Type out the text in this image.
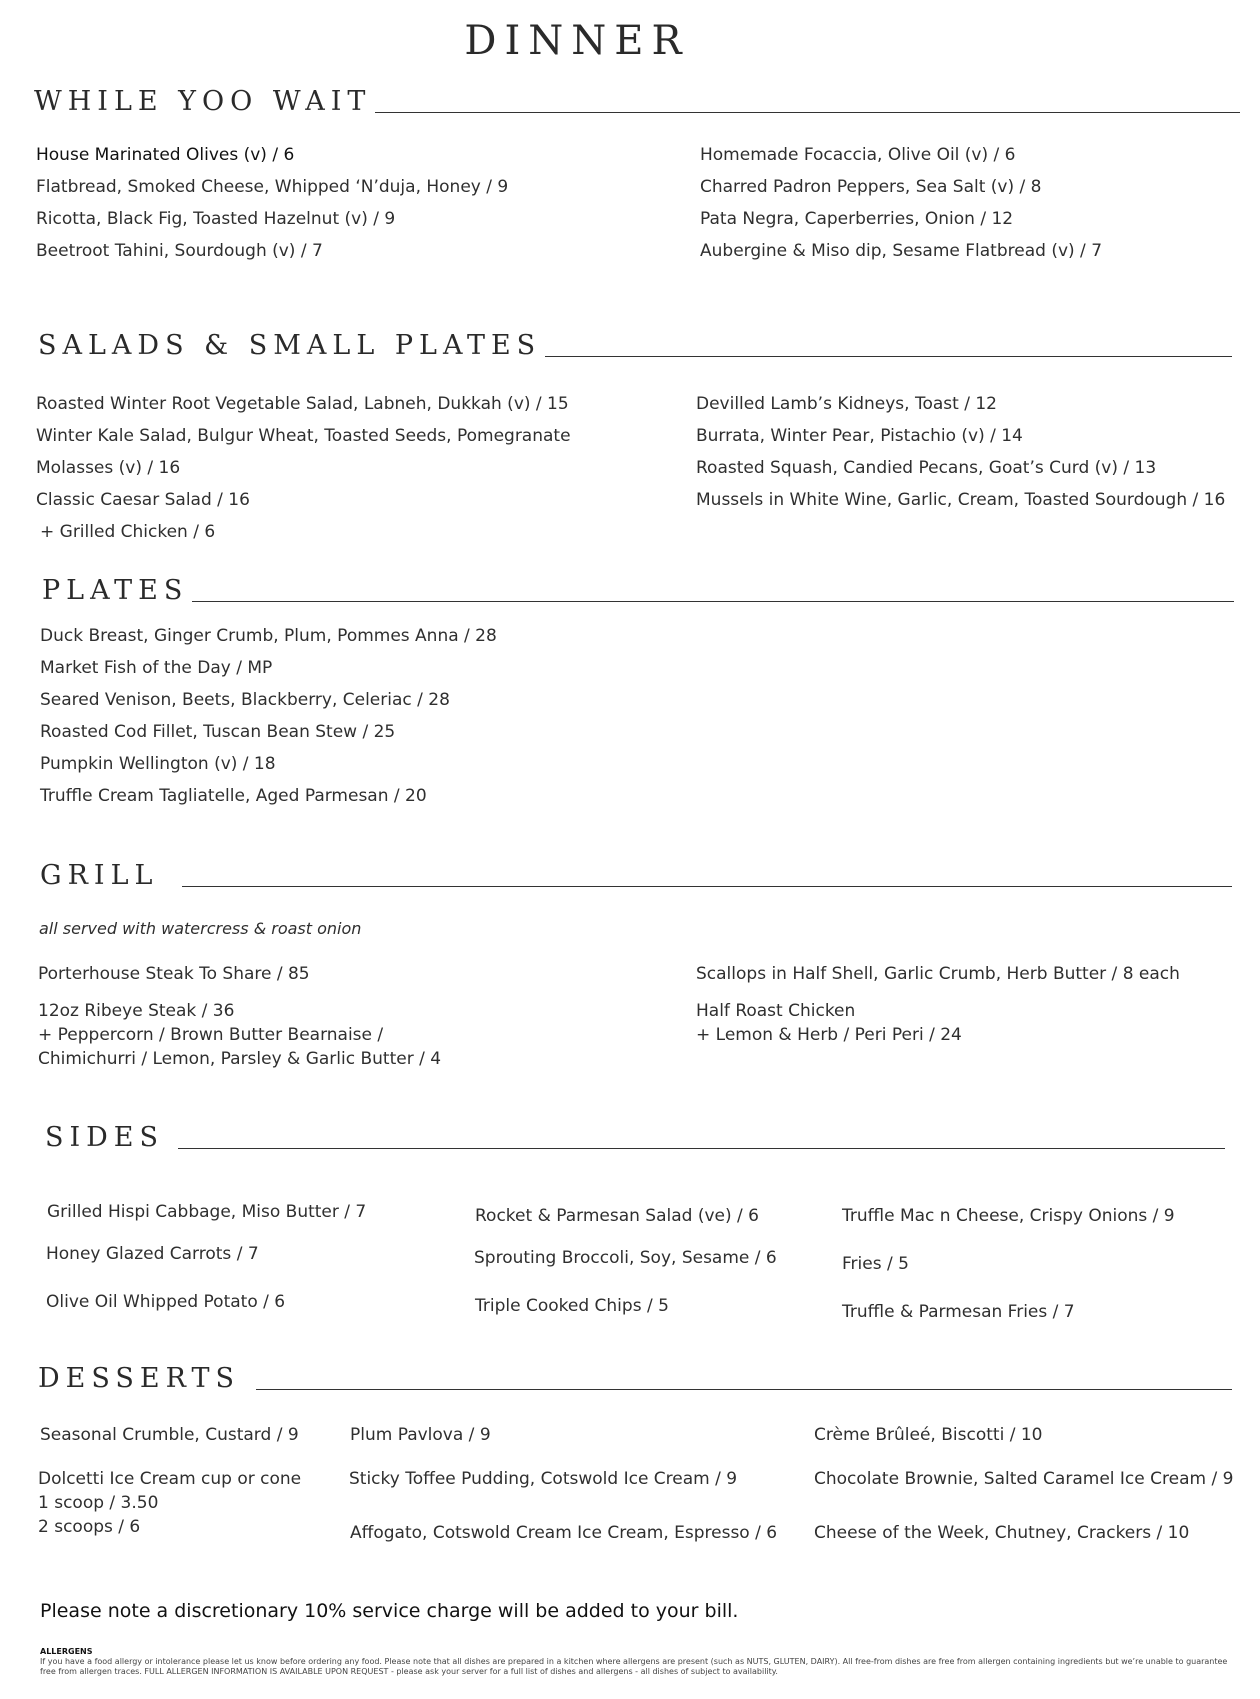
DINNER
WHILE YOO WAIT
House Marinated Olives (v) / 6
Flatbread, Smoked Cheese, Whipped ‘N’duja, Honey / 9
Ricotta, Black Fig, Toasted Hazelnut (v) / 9
Beetroot Tahini, Sourdough (v) / 7
Homemade Focaccia, Olive Oil (v) / 6
Charred Padron Peppers, Sea Salt (v) / 8
Pata Negra, Caperberries, Onion / 12
Aubergine & Miso dip, Sesame Flatbread (v) / 7
SALADS & SMALL PLATES
Roasted Winter Root Vegetable Salad, Labneh, Dukkah (v) / 15
Winter Kale Salad, Bulgur Wheat, Toasted Seeds, Pomegranate
Molasses (v) / 16
Classic Caesar Salad / 16
+ Grilled Chicken / 6
Devilled Lamb’s Kidneys, Toast / 12
Burrata, Winter Pear, Pistachio (v) / 14
Roasted Squash, Candied Pecans, Goat’s Curd (v) / 13
Mussels in White Wine, Garlic, Cream, Toasted Sourdough / 16
PLATES
Duck Breast, Ginger Crumb, Plum, Pommes Anna / 28
Market Fish of the Day / MP
Seared Venison, Beets, Blackberry, Celeriac / 28
Roasted Cod Fillet, Tuscan Bean Stew / 25
Pumpkin Wellington (v) / 18
Truffle Cream Tagliatelle, Aged Parmesan / 20
GRILL
all served with watercress & roast onion
Porterhouse Steak To Share / 85
12oz Ribeye Steak / 36
+ Peppercorn / Brown Butter Bearnaise /
Chimichurri / Lemon, Parsley & Garlic Butter / 4
Scallops in Half Shell, Garlic Crumb, Herb Butter / 8 each
Half Roast Chicken
+ Lemon & Herb / Peri Peri / 24
SIDES
Grilled Hispi Cabbage, Miso Butter / 7
Honey Glazed Carrots / 7
Olive Oil Whipped Potato / 6
Rocket & Parmesan Salad (ve) / 6
Sprouting Broccoli, Soy, Sesame / 6
Triple Cooked Chips / 5
Truffle Mac n Cheese, Crispy Onions / 9
Fries / 5
Truffle & Parmesan Fries / 7
DESSERTS
Seasonal Crumble, Custard / 9
Dolcetti Ice Cream cup or cone
1 scoop / 3.50
2 scoops / 6
Plum Pavlova / 9
Sticky Toffee Pudding, Cotswold Ice Cream / 9
Affogato, Cotswold Cream Ice Cream, Espresso / 6
Crème Brûleé, Biscotti / 10
Chocolate Brownie, Salted Caramel Ice Cream / 9
Cheese of the Week, Chutney, Crackers / 10
Please note a discretionary 10% service charge will be added to your bill.
ALLERGENS
If you have a food allergy or intolerance please let us know before ordering any food. Please note that all dishes are prepared in a kitchen where allergens are present (such as NUTS, GLUTEN, DAIRY). All free-from dishes are free from allergen containing ingredients but we’re unable to guarantee free from allergen traces. FULL ALLERGEN INFORMATION IS AVAILABLE UPON REQUEST - please ask your server for a full list of dishes and allergens - all dishes of subject to availability.
